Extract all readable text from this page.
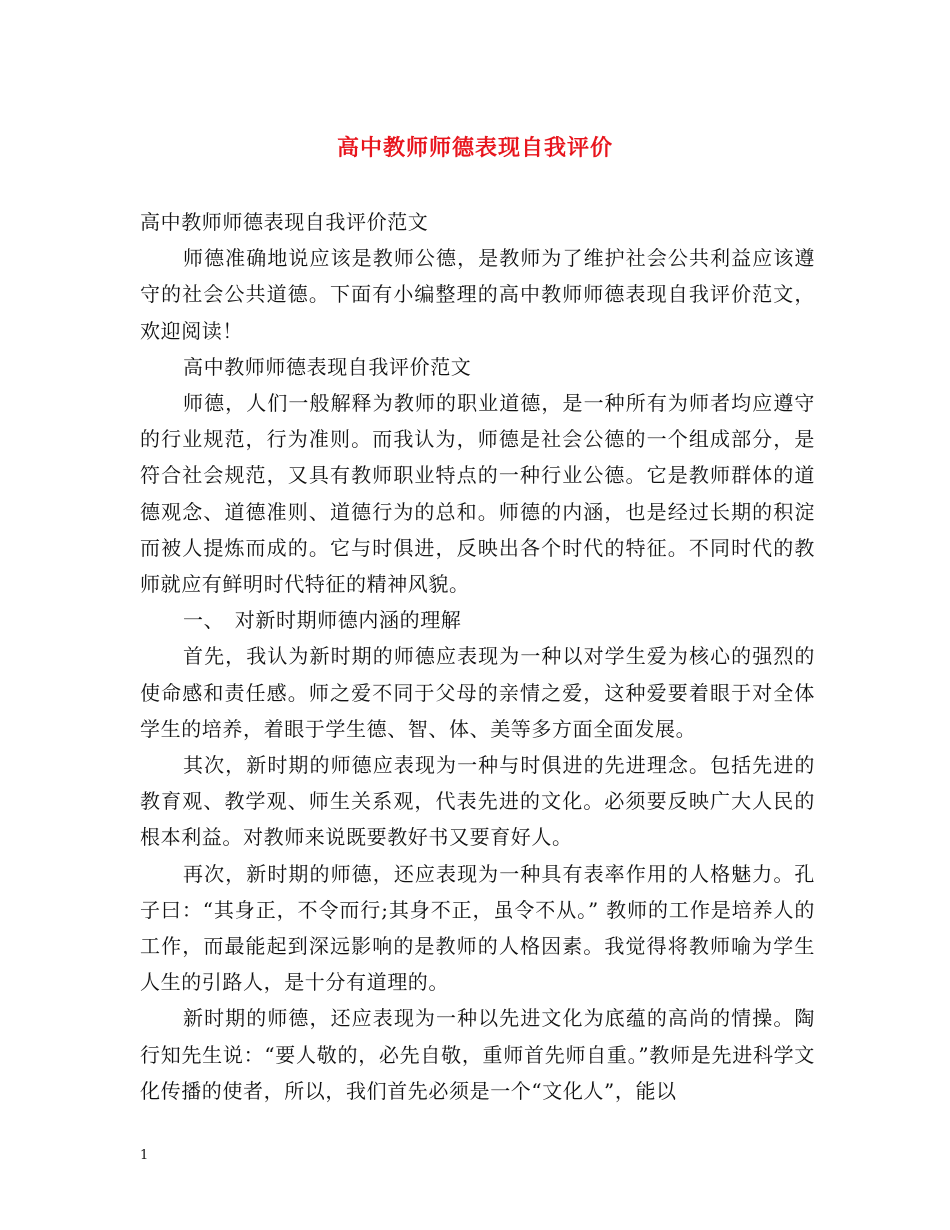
高中教师师德表现自我评价

高中教师师德表现自我评价范文

师德准确地说应该是教师公德，是教师为了维护社会公共利益应该遵守的社会公共道德。下面有小编整理的高中教师师德表现自我评价范文，欢迎阅读！

高中教师师德表现自我评价范文

师德，人们一般解释为教师的职业道德，是一种所有为师者均应遵守的行业规范，行为准则。而我认为，师德是社会公德的一个组成部分，是符合社会规范，又具有教师职业特点的一种行业公德。它是教师群体的道德观念、道德准则、道德行为的总和。师德的内涵，也是经过长期的积淀而被人提炼而成的。它与时俱进，反映出各个时代的特征。不同时代的教师就应有鲜明时代特征的精神风貌。

一、　对新时期师德内涵的理解

首先，我认为新时期的师德应表现为一种以对学生爱为核心的强烈的使命感和责任感。师之爱不同于父母的亲情之爱，这种爱要着眼于对全体学生的培养，着眼于学生德、智、体、美等多方面全面发展。

其次，新时期的师德应表现为一种与时俱进的先进理念。包括先进的教育观、教学观、师生关系观，代表先进的文化。必须要反映广大人民的根本利益。对教师来说既要教好书又要育好人。

再次，新时期的师德，还应表现为一种具有表率作用的人格魅力。孔子曰：“其身正，不令而行;其身不正，虽令不从。” 教师的工作是培养人的工作，而最能起到深远影响的是教师的人格因素。我觉得将教师喻为学生人生的引路人，是十分有道理的。

新时期的师德，还应表现为一种以先进文化为底蕴的高尚的情操。陶行知先生说：“要人敬的，必先自敬，重师首先师自重。”教师是先进科学文化传播的使者，所以，我们首先必须是一个“文化人”，能以

1
